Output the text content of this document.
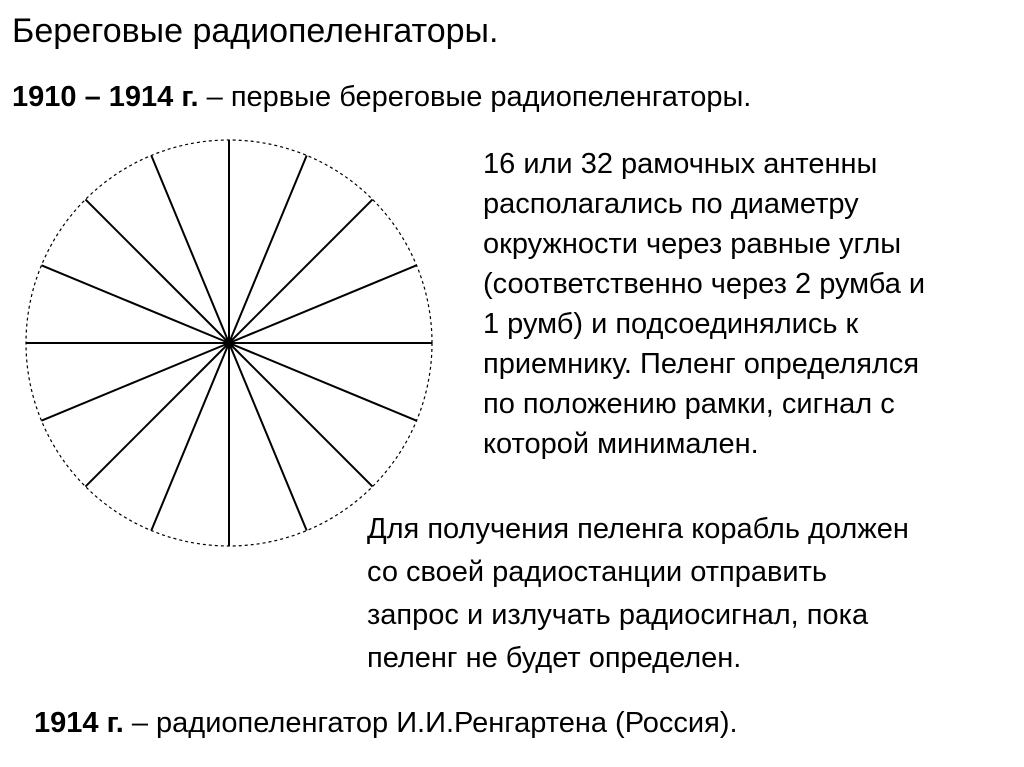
Береговые радиопеленгаторы.
1910 – 1914 г. – первые береговые радиопеленгаторы.
16 или 32 рамочных антенны
располагались по диаметру
окружности через равные углы
(соответственно через 2 румба и
1 румб) и подсоединялись к
приемнику. Пеленг определялся
по положению рамки, сигнал с
которой минимален.
Для получения пеленга корабль должен
со своей радиостанции отправить
запрос и излучать радиосигнал, пока
пеленг не будет определен.
1914 г. – радиопеленгатор И.И.Ренгартена (Россия).
